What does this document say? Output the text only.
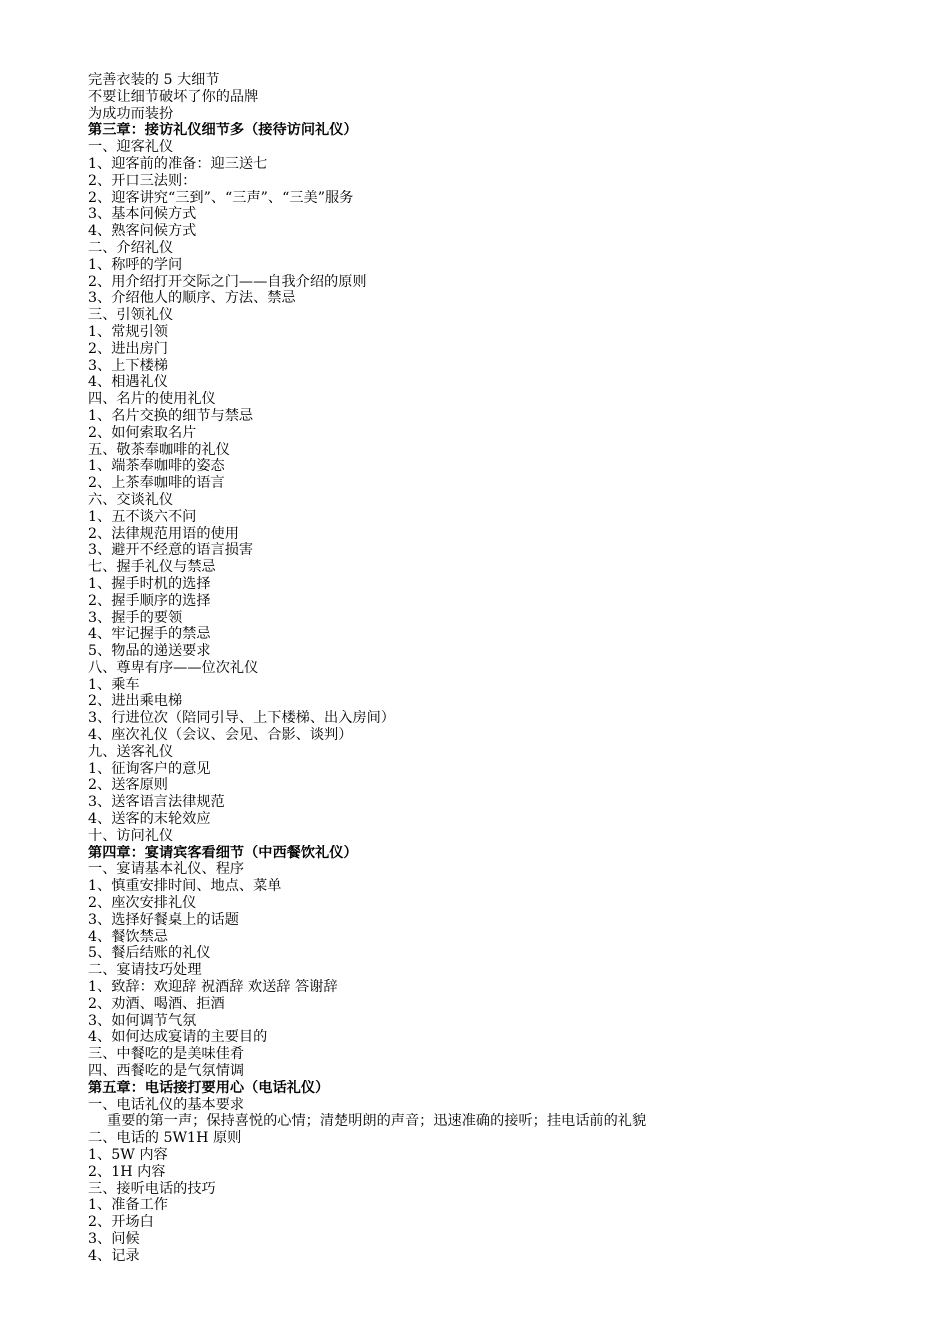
完善衣装的 5 大细节
不要让细节破坏了你的品牌
为成功而装扮
第三章：接访礼仪细节多（接待访问礼仪）
一、迎客礼仪
1、迎客前的准备：迎三送七
2、开口三法则：
2、迎客讲究“三到”、“三声”、“三美”服务
3、基本问候方式
4、熟客问候方式
二、介绍礼仪
1、称呼的学问
2、用介绍打开交际之门——自我介绍的原则
3、介绍他人的顺序、方法、禁忌
三、引领礼仪
1、常规引领
2、进出房门
3、上下楼梯
4、相遇礼仪
四、名片的使用礼仪
1、名片交换的细节与禁忌
2、如何索取名片
五、敬茶奉咖啡的礼仪
1、端茶奉咖啡的姿态
2、上茶奉咖啡的语言
六、交谈礼仪
1、五不谈六不问
2、法律规范用语的使用
3、避开不经意的语言损害
七、握手礼仪与禁忌
1、握手时机的选择
2、握手顺序的选择
3、握手的要领
4、牢记握手的禁忌
5、物品的递送要求
八、尊卑有序——位次礼仪
1、乘车
2、进出乘电梯
3、行进位次（陪同引导、上下楼梯、出入房间）
4、座次礼仪（会议、会见、合影、谈判）
九、送客礼仪
1、征询客户的意见
2、送客原则
3、送客语言法律规范
4、送客的末轮效应
十、访问礼仪
第四章：宴请宾客看细节（中西餐饮礼仪）
一、宴请基本礼仪、程序
1、慎重安排时间、地点、菜单
2、座次安排礼仪
3、选择好餐桌上的话题
4、餐饮禁忌
5、餐后结账的礼仪
二、宴请技巧处理
1、致辞：欢迎辞 祝酒辞 欢送辞 答谢辞
2、劝酒、喝酒、拒酒
3、如何调节气氛
4、如何达成宴请的主要目的
三、中餐吃的是美味佳肴
四、西餐吃的是气氛情调
第五章：电话接打要用心（电话礼仪）
一、电话礼仪的基本要求
重要的第一声；保持喜悦的心情；清楚明朗的声音；迅速准确的接听；挂电话前的礼貌
二、电话的 5W1H 原则
1、5W 内容
2、1H 内容
三、接听电话的技巧
1、准备工作
2、开场白
3、问候
4、记录
